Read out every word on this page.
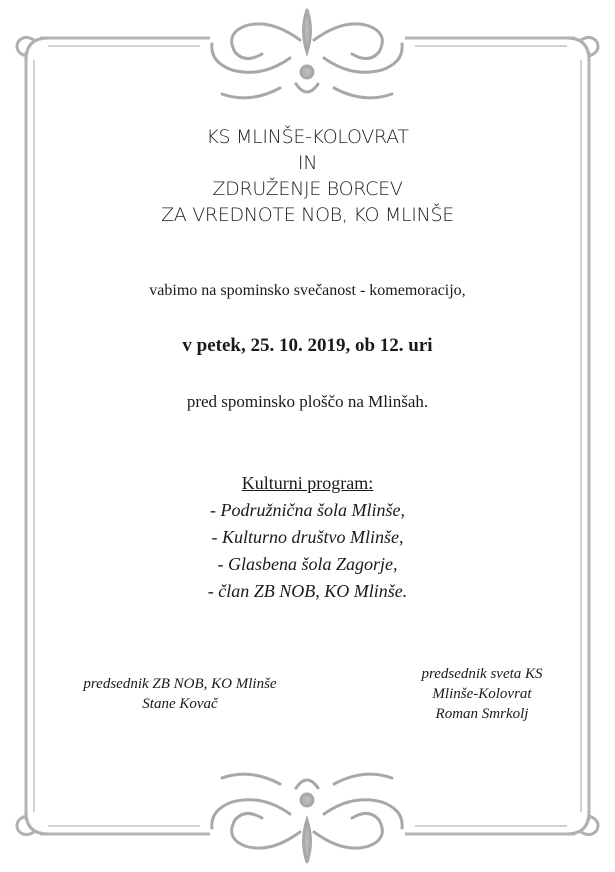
KS MLINŠE-KOLOVRAT
IN
ZDRUŽENJE BORCEV
ZA VREDNOTE NOB, KO MLINŠE
vabimo na spominsko svečanost - komemoracijo,
v petek, 25. 10. 2019, ob 12. uri
pred spominsko ploščo na Mlinšah.
Kulturni program:
- Podružnična šola Mlinše,
- Kulturno društvo Mlinše,
- Glasbena šola Zagorje,
- član ZB NOB, KO Mlinše.
predsednik ZB NOB, KO Mlinše
Stane Kovač
predsednik sveta KS
Mlinše-Kolovrat
Roman Smrkolj
